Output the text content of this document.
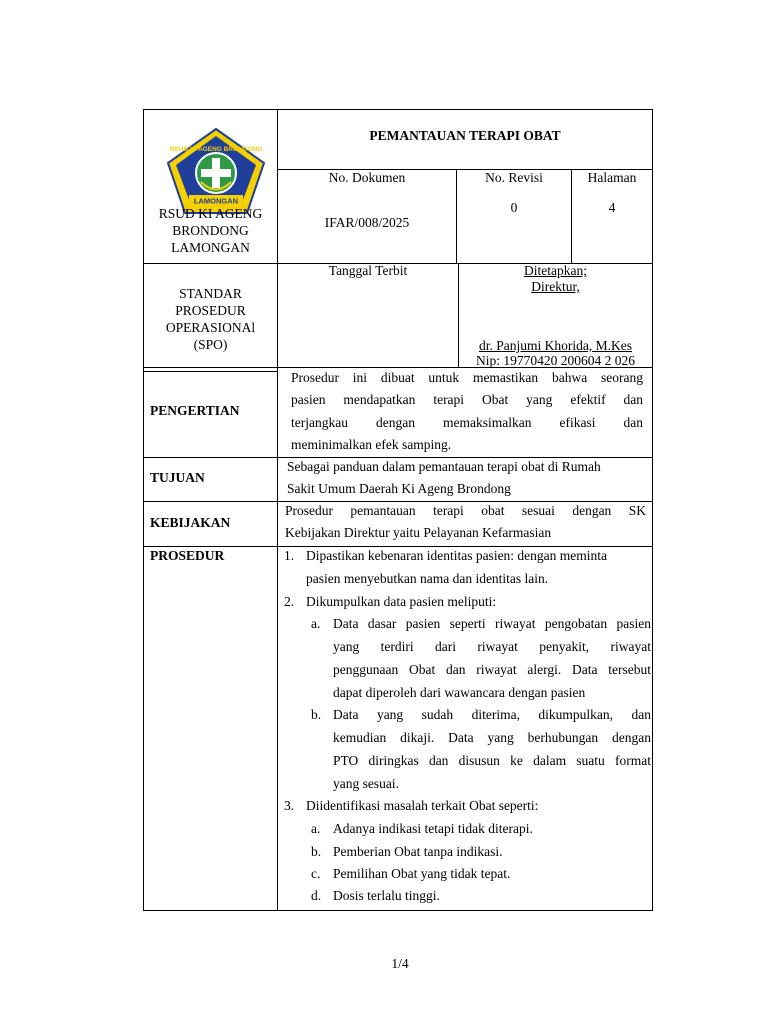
RSUD KI AGENG BRONDONG
LAMONGAN
RSUD KI AGENG
BRONDONG
LAMONGAN
PEMANTAUAN TERAPI OBAT
No. Dokumen
IFAR/008/2025
No. Revisi
0
Halaman
4
STANDAR
PROSEDUR
OPERASIONAl
(SPO)
Tanggal Terbit	Ditetapkan;
Direktur,
dr. Panjumi Khorida, M.Kes
Nip: 19770420 200604 2 026
PENGERTIAN
Prosedur ini dibuat untuk memastikan bahwa seorang
pasien mendapatkan terapi Obat yang efektif dan
terjangkau dengan memaksimalkan efikasi dan
meminimalkan efek samping.
TUJUAN
Sebagai panduan dalam pemantauan terapi obat di Rumah
Sakit Umum Daerah Ki Ageng Brondong
KEBIJAKAN
Prosedur pemantauan terapi obat sesuai dengan SK
Kebijakan Direktur yaitu Pelayanan Kefarmasian
PROSEDUR	1. Dipastikan kebenaran identitas pasien: dengan meminta
pasien menyebutkan nama dan identitas lain.
2. Dikumpulkan data pasien meliputi:
a. Data dasar pasien seperti riwayat pengobatan pasien
yang terdiri dari riwayat penyakit, riwayat
penggunaan Obat dan riwayat alergi. Data tersebut
dapat diperoleh dari wawancara dengan pasien
b. Data yang sudah diterima, dikumpulkan, dan
kemudian dikaji. Data yang berhubungan dengan
PTO diringkas dan disusun ke dalam suatu format
yang sesuai.
3. Diidentifikasi masalah terkait Obat seperti:
a. Adanya indikasi tetapi tidak diterapi.
b. Pemberian Obat tanpa indikasi.
c. Pemilihan Obat yang tidak tepat.
d. Dosis terlalu tinggi.
1/4
